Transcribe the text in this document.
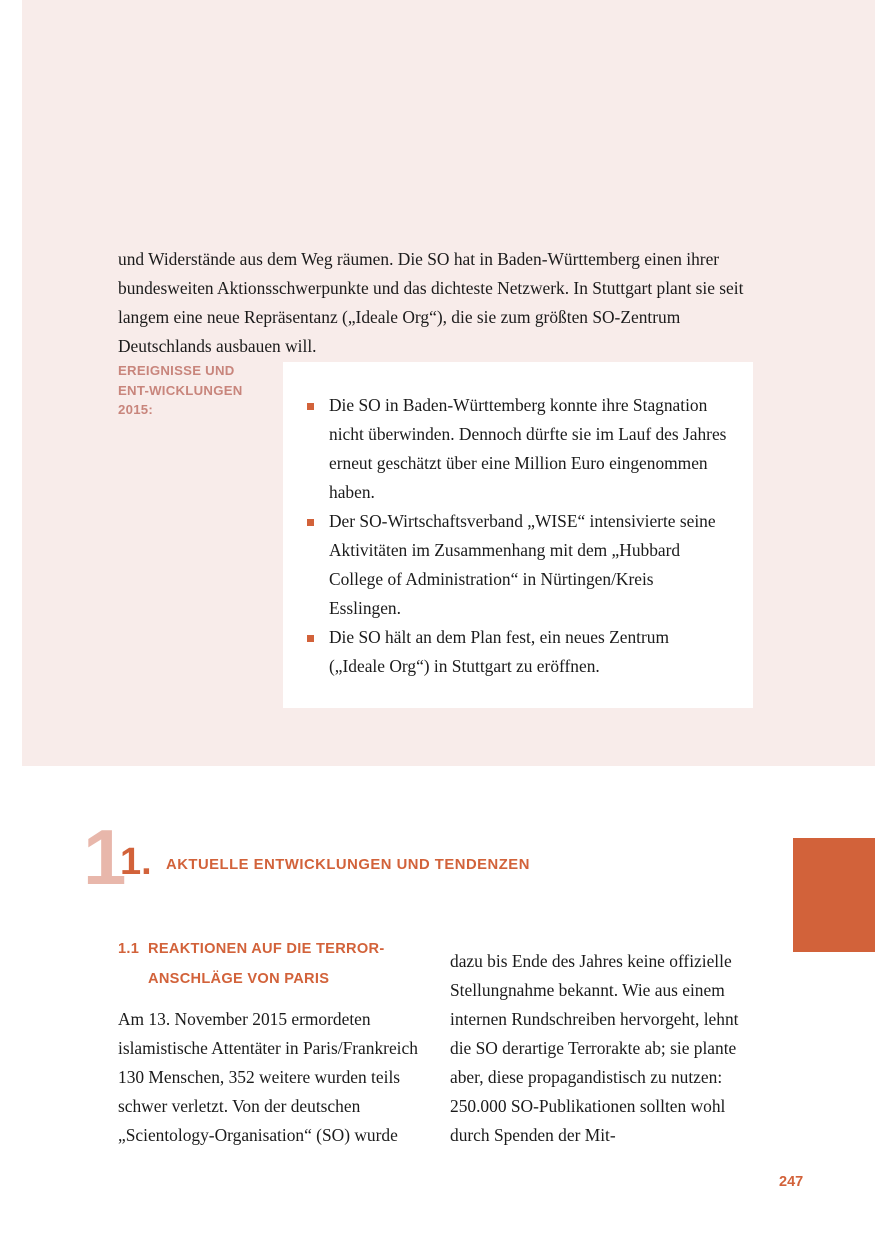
und Widerstände aus dem Weg räumen. Die SO hat in Baden-Württemberg einen ihrer bundesweiten Aktionsschwerpunkte und das dichteste Netzwerk. In Stuttgart plant sie seit langem eine neue Repräsentanz („Ideale Org“), die sie zum größten SO-Zentrum Deutschlands ausbauen will.

EREIGNISSE UND ENT-WICKLUNGEN 2015:	Die SO in Baden-Württemberg konnte ihre Stagnation nicht überwinden. Dennoch dürfte sie im Lauf des Jahres erneut geschätzt über eine Million Euro eingenommen haben.
Der SO-Wirtschaftsverband „WISE“ intensivierte seine Aktivitäten im Zusammenhang mit dem „Hubbard College of Administration“ in Nürtingen/Kreis Esslingen.
Die SO hält an dem Plan fest, ein neues Zentrum („Ideale Org“) in Stuttgart zu eröffnen.
1
1. AKTUELLE ENTWICKLUNGEN UND TENDENZEN
1.1 REAKTIONEN AUF DIE TERROR-
ANSCHLÄGE VON PARIS

Am 13. November 2015 ermordeten islamistische Attentäter in Paris/Frankreich 130 Menschen, 352 weitere wurden teils schwer verletzt. Von der deutschen „Scientology-Organisation“ (SO) wurde

dazu bis Ende des Jahres keine offizielle Stellungnahme bekannt. Wie aus einem internen Rundschreiben hervorgeht, lehnt die SO derartige Terrorakte ab; sie plante aber, diese propagandistisch zu nutzen: 250.000 SO-Publikationen sollten wohl durch Spenden der Mit-

247
